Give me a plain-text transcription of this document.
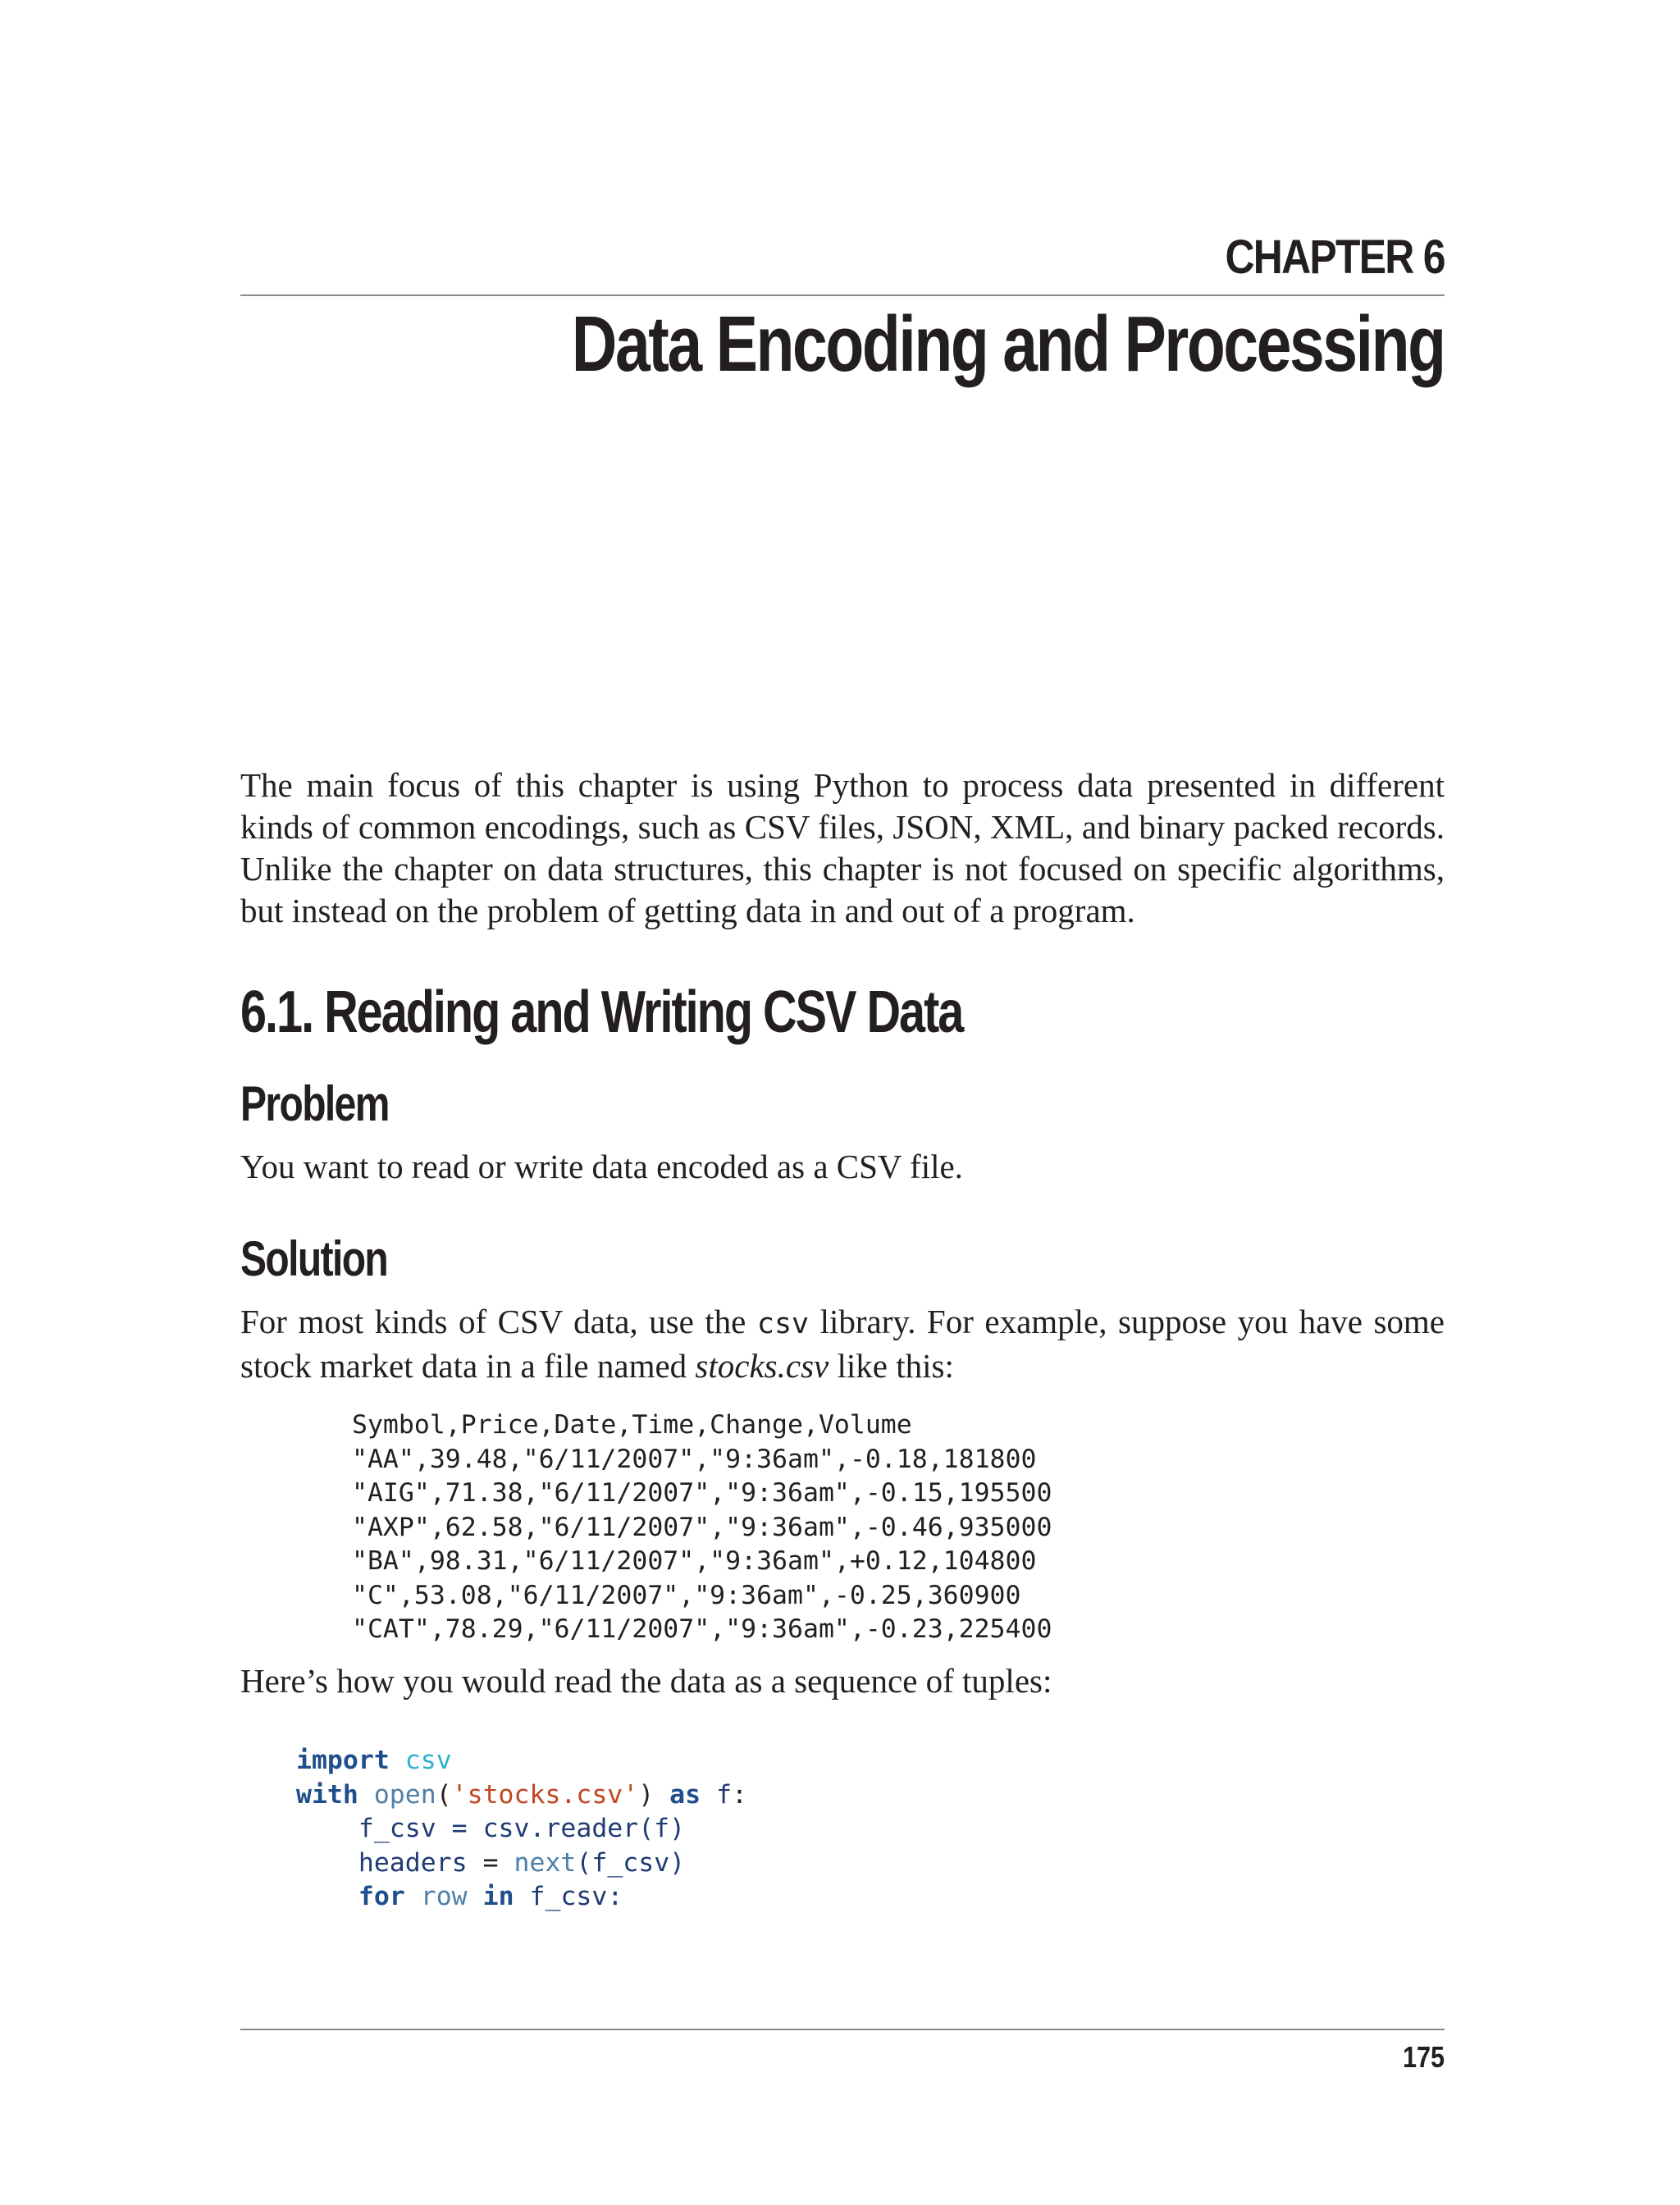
CHAPTER 6
Data Encoding and Processing

The main focus of this chapter is using Python to process data presented in different kinds of common encodings, such as CSV files, JSON, XML, and binary packed records. Unlike the chapter on data structures, this chapter is not focused on specific algorithms, but instead on the problem of getting data in and out of a program.

6.1. Reading and Writing CSV Data
Problem

You want to read or write data encoded as a CSV file.

Solution

For most kinds of CSV data, use the csv library. For example, suppose you have some stock market data in a file named stocks.csv like this:

Symbol,Price,Date,Time,Change,Volume
"AA",39.48,"6/11/2007","9:36am",-0.18,181800
"AIG",71.38,"6/11/2007","9:36am",-0.15,195500
"AXP",62.58,"6/11/2007","9:36am",-0.46,935000
"BA",98.31,"6/11/2007","9:36am",+0.12,104800
"C",53.08,"6/11/2007","9:36am",-0.25,360900
"CAT",78.29,"6/11/2007","9:36am",-0.23,225400

Here’s how you would read the data as a sequence of tuples:

import csv
with open('stocks.csv') as f:
f_csv = csv.reader(f)
headers = next(f_csv)
for row in f_csv:
175
